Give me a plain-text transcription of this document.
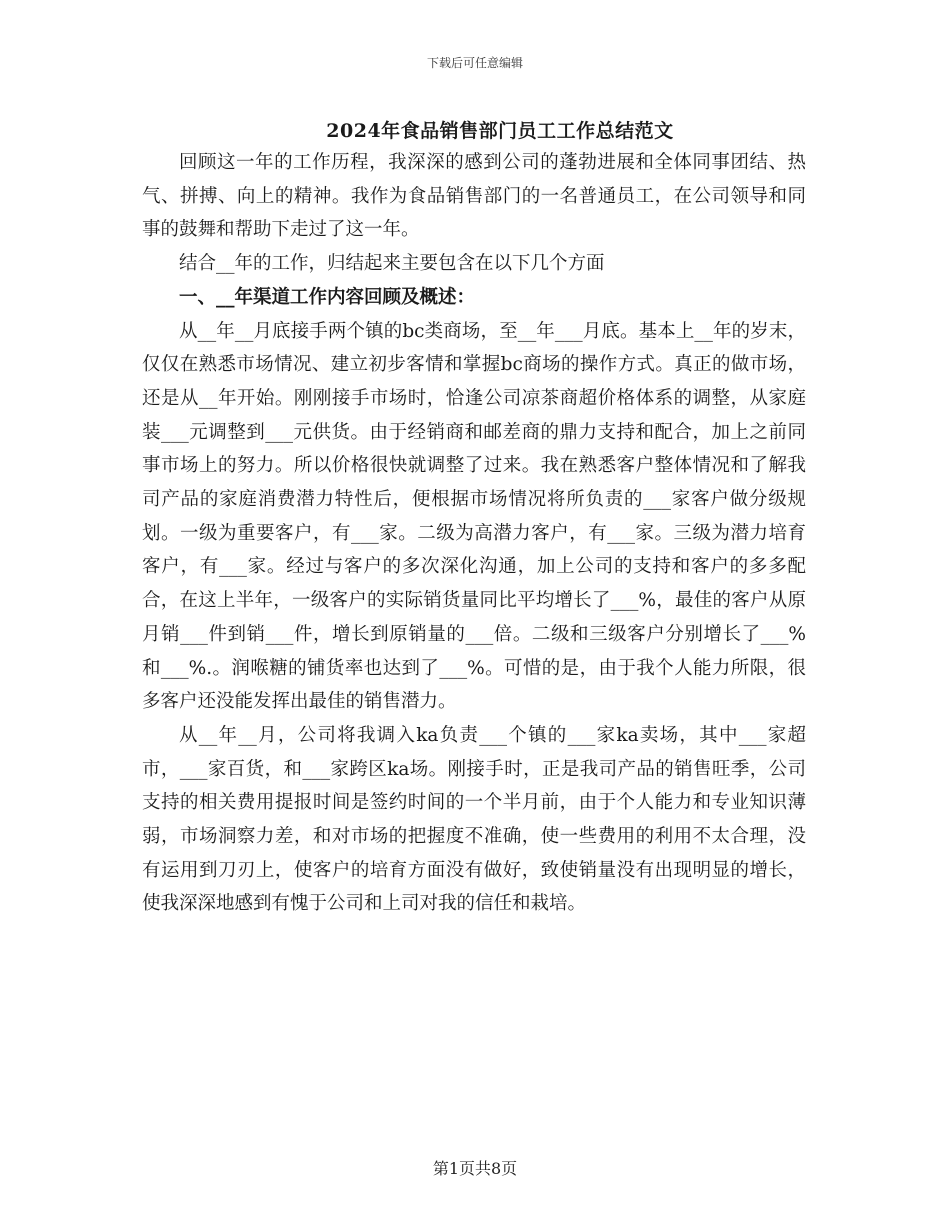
下载后可任意编辑
2024年食品销售部门员工工作总结范文

回顾这一年的工作历程，我深深的感到公司的蓬勃进展和全体同事团结、热气、拼搏、向上的精神。我作为食品销售部门的一名普通员工，在公司领导和同事的鼓舞和帮助下走过了这一年。

结合__年的工作，归结起来主要包含在以下几个方面

一、__年渠道工作内容回顾及概述：

从__年__月底接手两个镇的bc类商场，至__年___月底。基本上__年的岁末，仅仅在熟悉市场情况、建立初步客情和掌握bc商场的操作方式。真正的做市场，还是从__年开始。刚刚接手市场时，恰逢公司凉茶商超价格体系的调整，从家庭装___元调整到___元供货。由于经销商和邮差商的鼎力支持和配合，加上之前同事市场上的努力。所以价格很快就调整了过来。我在熟悉客户整体情况和了解我司产品的家庭消费潜力特性后，便根据市场情况将所负责的___家客户做分级规划。一级为重要客户，有___家。二级为高潜力客户，有___家。三级为潜力培育客户，有___家。经过与客户的多次深化沟通，加上公司的支持和客户的多多配合，在这上半年，一级客户的实际销货量同比平均增长了___%，最佳的客户从原月销___件到销___件，增长到原销量的___倍。二级和三级客户分别增长了___%和___%.。润喉糖的铺货率也达到了___%。可惜的是，由于我个人能力所限，很多客户还没能发挥出最佳的销售潜力。

从__年__月，公司将我调入ka负责___个镇的___家ka卖场，其中___家超市，___家百货，和___家跨区ka场。刚接手时，正是我司产品的销售旺季，公司支持的相关费用提报时间是签约时间的一个半月前，由于个人能力和专业知识薄弱，市场洞察力差，和对市场的把握度不准确，使一些费用的利用不太合理，没有运用到刀刃上，使客户的培育方面没有做好，致使销量没有出现明显的增长，使我深深地感到有愧于公司和上司对我的信任和栽培。

第1页共8页
